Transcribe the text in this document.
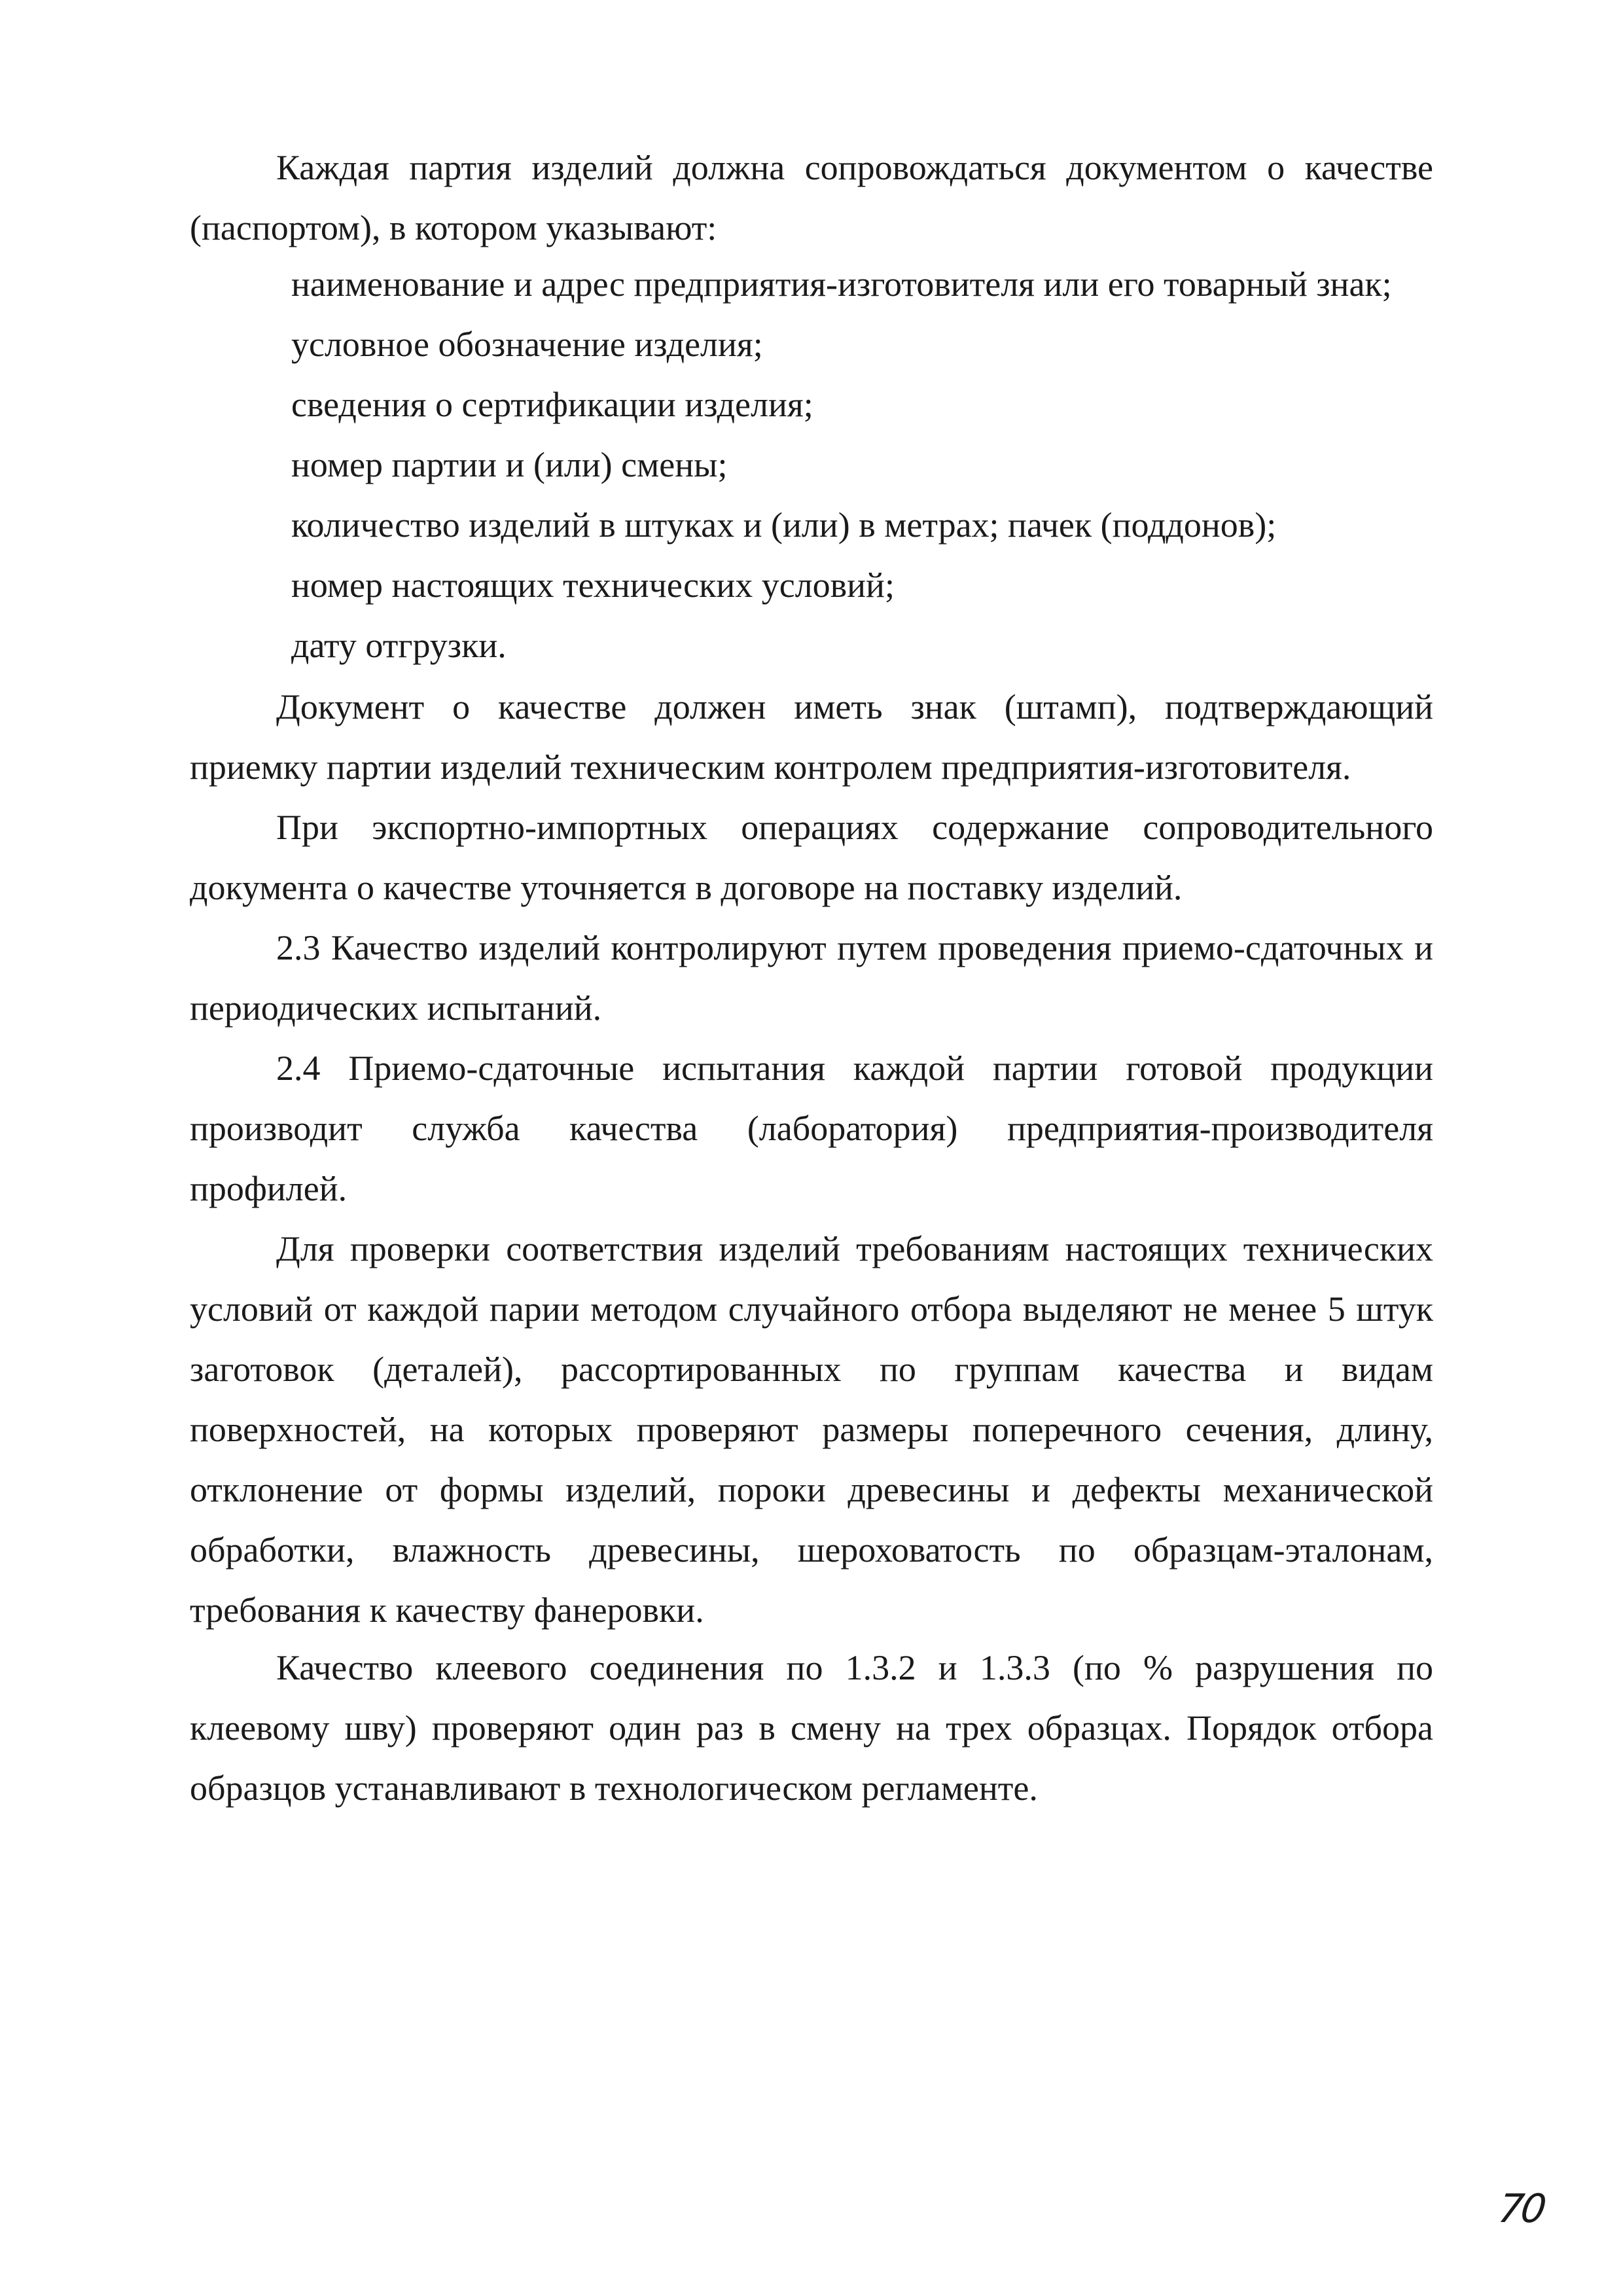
Каждая партия изделий должна сопровождаться документом о качестве (паспортом), в котором указывают:

наименование и адрес предприятия-изготовителя или его товарный знак;

условное обозначение изделия;

сведения о сертификации изделия;

номер партии и (или) смены;

количество изделий в штуках и (или) в метрах; пачек (поддонов);

номер настоящих технических условий;

дату отгрузки.

Документ о качестве должен иметь знак (штамп), подтверждающий приемку партии изделий техническим контролем предприятия-изготовителя.

При экспортно-импортных операциях содержание сопроводительного документа о качестве уточняется в договоре на поставку изделий.

2.3 Качество изделий контролируют путем проведения приемо-сдаточных и периодических испытаний.

2.4 Приемо-сдаточные испытания каждой партии готовой продукции производит служба качества (лаборатория) предприятия-производителя профилей.

Для проверки соответствия изделий требованиям настоящих технических условий от каждой парии методом случайного отбора выделяют не менее 5 штук заготовок (деталей), рассортированных по группам качества и видам поверхностей, на которых проверяют размеры поперечного сечения, длину, отклонение от формы изделий, пороки древесины и дефекты механической обработки, влажность древесины, шероховатость по образцам-эталонам, требования к качеству фанеровки.

Качество клеевого соединения по 1.3.2 и 1.3.3 (по % разрушения по клеевому шву) проверяют один раз в смену на трех образцах. Порядок отбора образцов устанавливают в технологическом регламенте.

70
